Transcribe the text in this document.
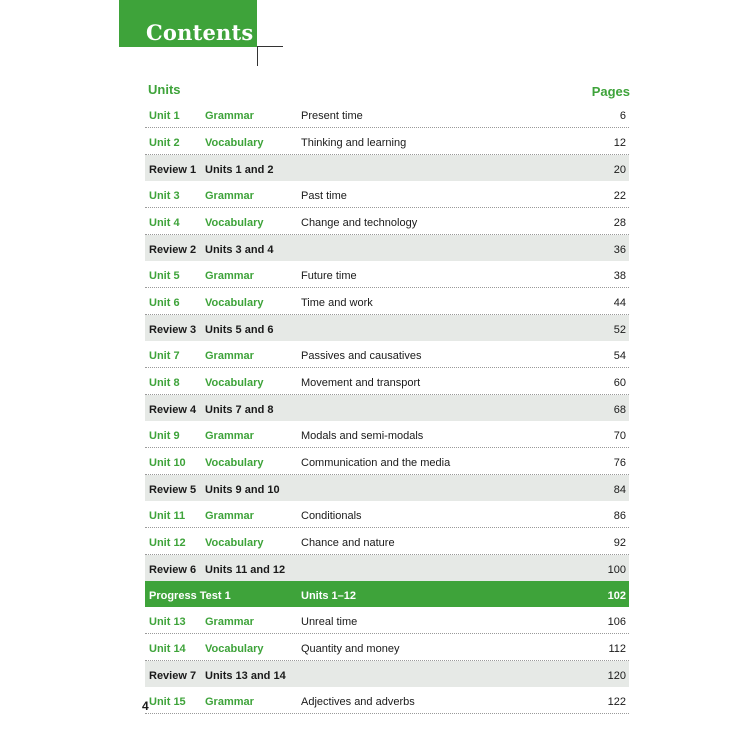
Contents
Units	Pages
Unit 1 Grammar	Present time	6
Unit 2 Vocabulary	Thinking and learning	12
Review 1 Units 1 and 2	20
Unit 3 Grammar	Past time	22
Unit 4 Vocabulary	Change and technology	28
Review 2 Units 3 and 4	36
Unit 5 Grammar	Future time	38
Unit 6 Vocabulary	Time and work	44
Review 3 Units 5 and 6	52
Unit 7 Grammar	Passives and causatives	54
Unit 8 Vocabulary	Movement and transport	60
Review 4 Units 7 and 8	68
Unit 9 Grammar	Modals and semi-modals	70
Unit 10 Vocabulary	Communication and the media	76
Review 5 Units 9 and 10	84
Unit 11 Grammar	Conditionals	86
Unit 12 Vocabulary	Chance and nature	92
Review 6 Units 11 and 12	100
Progress Test 1	Units 1–12	102
Unit 13 Grammar	Unreal time	106
Unit 14 Vocabulary	Quantity and money	112
Review 7 Units 13 and 14	120
Unit 15 Grammar	Adjectives and adverbs	122
4
